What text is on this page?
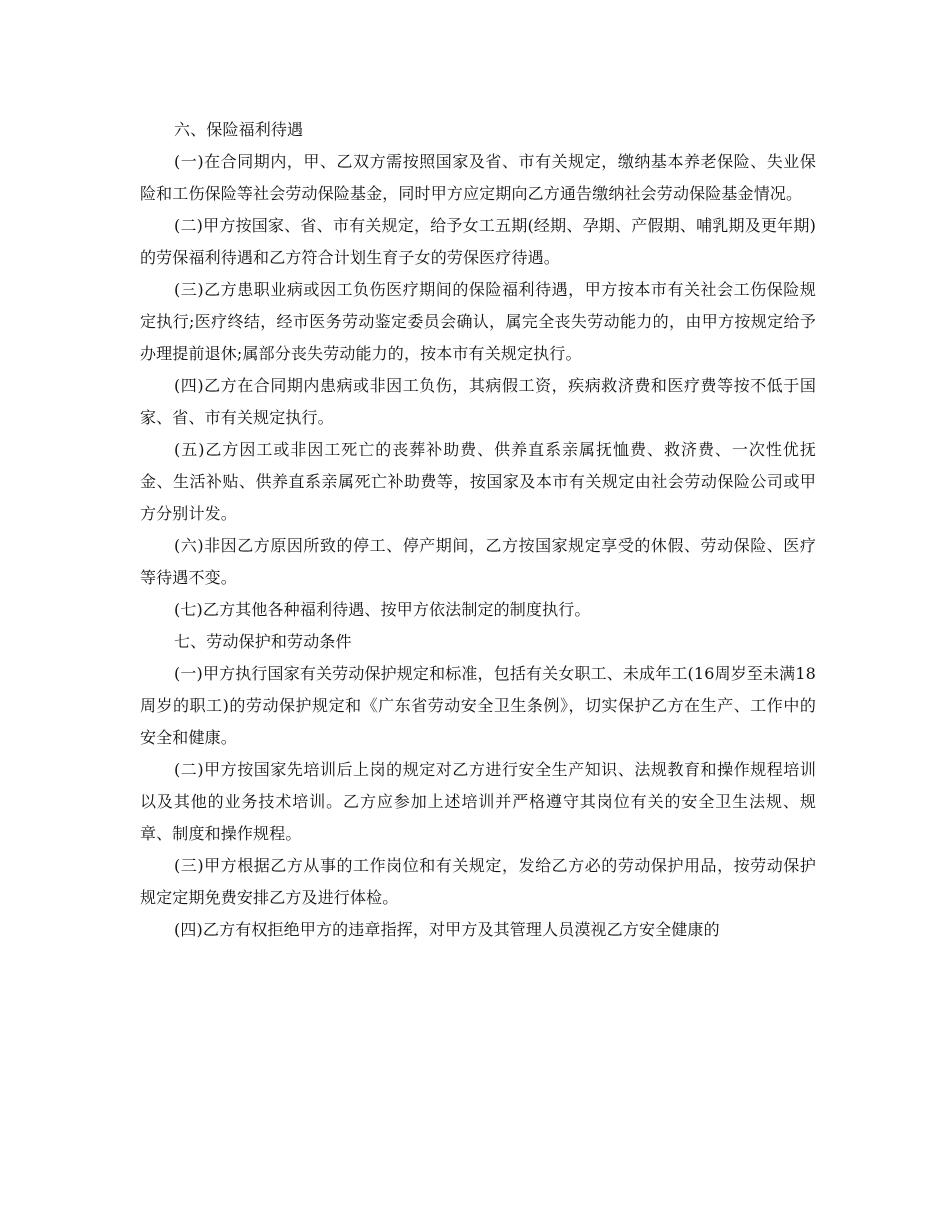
六、保险福利待遇

(一)在合同期内，甲、乙双方需按照国家及省、市有关规定，缴纳基本养老保险、失业保险和工伤保险等社会劳动保险基金，同时甲方应定期向乙方通告缴纳社会劳动保险基金情况。

(二)甲方按国家、省、市有关规定，给予女工五期(经期、孕期、产假期、哺乳期及更年期)的劳保福利待遇和乙方符合计划生育子女的劳保医疗待遇。

(三)乙方患职业病或因工负伤医疗期间的保险福利待遇，甲方按本市有关社会工伤保险规定执行;医疗终结，经市医务劳动鉴定委员会确认，属完全丧失劳动能力的，由甲方按规定给予办理提前退休;属部分丧失劳动能力的，按本市有关规定执行。

(四)乙方在合同期内患病或非因工负伤，其病假工资，疾病救济费和医疗费等按不低于国家、省、市有关规定执行。

(五)乙方因工或非因工死亡的丧葬补助费、供养直系亲属抚恤费、救济费、一次性优抚金、生活补贴、供养直系亲属死亡补助费等，按国家及本市有关规定由社会劳动保险公司或甲方分别计发。

(六)非因乙方原因所致的停工、停产期间，乙方按国家规定享受的休假、劳动保险、医疗等待遇不变。

(七)乙方其他各种福利待遇、按甲方依法制定的制度执行。

七、劳动保护和劳动条件

(一)甲方执行国家有关劳动保护规定和标准，包括有关女职工、未成年工(16周岁至未满18周岁的职工)的劳动保护规定和《广东省劳动安全卫生条例》，切实保护乙方在生产、工作中的安全和健康。

(二)甲方按国家先培训后上岗的规定对乙方进行安全生产知识、法规教育和操作规程培训以及其他的业务技术培训。乙方应参加上述培训并严格遵守其岗位有关的安全卫生法规、规章、制度和操作规程。

(三)甲方根据乙方从事的工作岗位和有关规定，发给乙方必的劳动保护用品，按劳动保护规定定期免费安排乙方及进行体检。

(四)乙方有权拒绝甲方的违章指挥，对甲方及其管理人员漠视乙方安全健康的
